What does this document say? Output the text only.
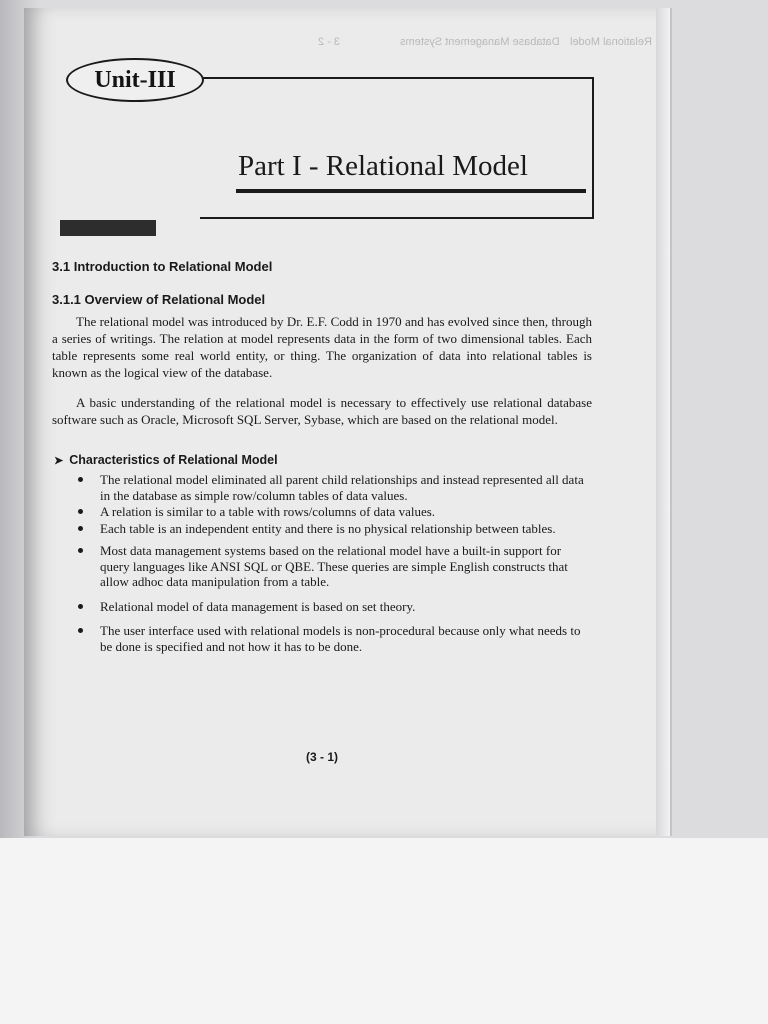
Database Management Systems
3 - 2	Relational Model
Unit-III
Part I - Relational Model
3.1 Introduction to Relational Model
3.1.1 Overview of Relational Model

The relational model was introduced by Dr. E.F. Codd in 1970 and has evolved since then, through a series of writings. The relation at model represents data in the form of two dimensional tables. Each table represents some real world entity, or thing. The organization of data into relational tables is known as the logical view of the database.

A basic understanding of the relational model is necessary to effectively use relational database software such as Oracle, Microsoft SQL Server, Sybase, which are based on the relational model.

➤ Characteristics of Relational Model
The relational model eliminated all parent child relationships and instead represented all data in the database as simple row/column tables of data values.
A relation is similar to a table with rows/columns of data values.
Each table is an independent entity and there is no physical relationship between tables.
Most data management systems based on the relational model have a built-in support for query languages like ANSI SQL or QBE. These queries are simple English constructs that allow adhoc data manipulation from a table.
Relational model of data management is based on set theory.
The user interface used with relational models is non-procedural because only what needs to be done is specified and not how it has to be done.
(3 - 1)
